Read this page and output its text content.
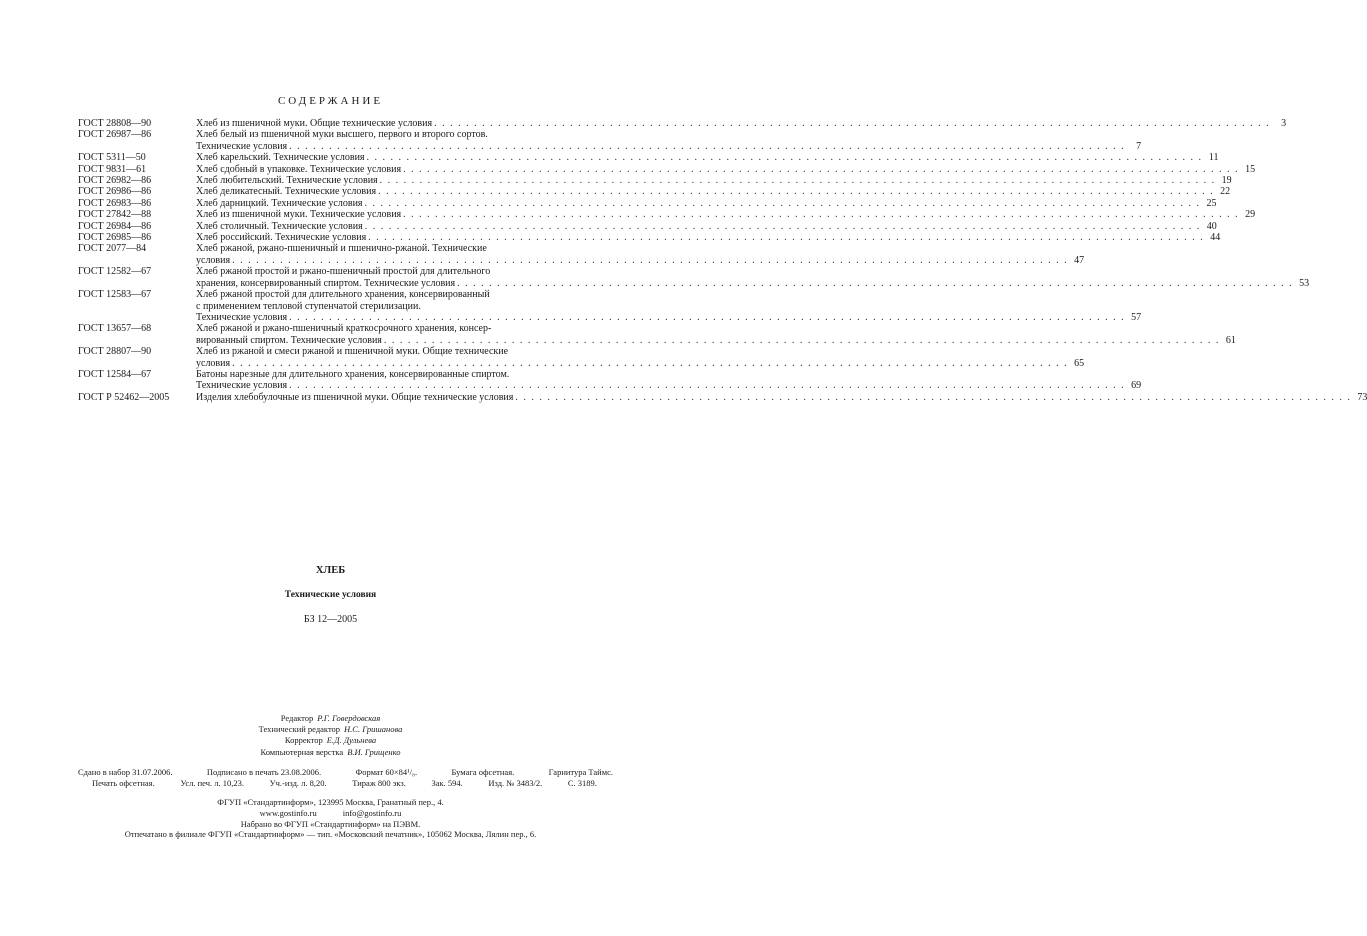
СОДЕРЖАНИЕ
ГОСТ 28808—90	Хлеб из пшеничной муки. Общие технические условия . . .	3
ГОСТ 26987—86	Хлеб белый из пшеничной муки высшего, первого и второго сортов.
Технические условия . . .	7
ГОСТ 5311—50	Хлеб карельский. Технические условия . . .	11
ГОСТ 9831—61	Хлеб сдобный в упаковке. Технические условия . . .	15
ГОСТ 26982—86	Хлеб любительский. Технические условия . . .	19
ГОСТ 26986—86	Хлеб деликатесный. Технические условия . . .	22
ГОСТ 26983—86	Хлеб дарницкий. Технические условия . . .	25
ГОСТ 27842—88	Хлеб из пшеничной муки. Технические условия . . .	29
ГОСТ 26984—86	Хлеб столичный. Технические условия . . .	40
ГОСТ 26985—86	Хлеб российский. Технические условия . . .	44
ГОСТ 2077—84	Хлеб ржаной, ржано-пшеничный и пшенично-ржаной. Технические
условия . . .	47
ГОСТ 12582—67	Хлеб ржаной простой и ржано-пшеничный простой для длительного
хранения, консервированный спиртом. Технические условия . . .	53
ГОСТ 12583—67	Хлеб ржаной простой для длительного хранения, консервированный
с применением тепловой ступенчатой стерилизации.
Технические условия . . .	57
ГОСТ 13657—68	Хлеб ржаной и ржано-пшеничный краткосрочного хранения, консер-
вированный спиртом. Технические условия . . .	61
ГОСТ 28807—90	Хлеб из ржаной и смеси ржаной и пшеничной муки. Общие технические
условия . . .	65
ГОСТ 12584—67	Батоны нарезные для длительного хранения, консервированные спиртом.
Технические условия . . .	69
ГОСТ Р 52462—2005	Изделия хлебобулочные из пшеничной муки. Общие технические условия . . .	73
ХЛЕБ
Технические условия
БЗ 12—2005
Редактор Р.Г. Говердовская
Технический редактор Н.С. Гришанова
Корректор Е.Д. Дульнева
Компьютерная верстка В.И. Грищенко
Сдано в набор 31.07.2006.	Подписано в печать 23.08.2006.	Формат 60×84¹/₈.	Бумага офсетная.	Гарнитура Таймс.
Печать офсетная.	Усл. печ. л. 10,23.	Уч.-изд. л. 8,20.	Тираж 800 экз.	Зак. 594.	Изд. № 3483/2.	С. 3189.
ФГУП «Стандартинформ», 123995 Москва, Гранатный пер., 4.
www.gostinfo.ru	info@gostinfo.ru
Набрано во ФГУП «Стандартинформ» на ПЭВМ.
Отпечатано в филиале ФГУП «Стандартинформ» — тип. «Московский печатник», 105062 Москва, Лялин пер., 6.
